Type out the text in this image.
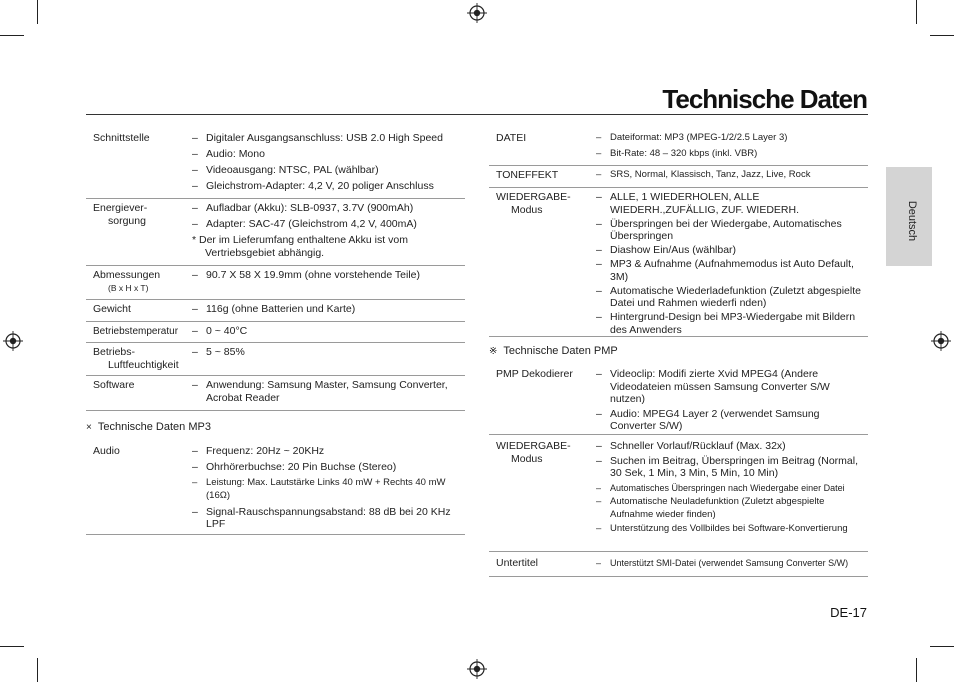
Technische Daten
Deutsch
Schnittstelle	– Digitaler Ausgangsanschluss: USB 2.0 High Speed
– Audio: Mono
– Videoausgang: NTSC, PAL (wählbar)
– Gleichstrom-Adapter: 4,2 V, 20 poliger Anschluss
Energiever-
sorgung
– Aufladbar (Akku): SLB-0937, 3.7V (900mAh)
– Adapter: SAC-47 (Gleichstrom 4,2 V, 400mA)
* Der im Lieferumfang enthaltene Akku ist vom
Vertriebsgebiet abhängig.
Abmessungen
(B x H x T)
– 90.7 X 58 X 19.9mm (ohne vorstehende Teile)
Gewicht	– 116g (ohne Batterien und Karte)
Betriebstemperatur	– 0 ~ 40°C
Betriebs-
Luftfeuchtigkeit
– 5 ~ 85%
Software	– Anwendung: Samsung Master, Samsung Converter, Acrobat Reader
× Technische Daten MP3
Audio	– Frequenz: 20Hz ~ 20KHz
– Ohrhörerbuchse: 20 Pin Buchse (Stereo)
– Leistung: Max. Lautstärke Links 40 mW + Rechts 40 mW (16Ω)
– Signal-Rauschspannungsabstand: 88 dB bei 20 KHz LPF
DATEI	– Dateiformat: MP3 (MPEG-1/2/2.5 Layer 3)
– Bit-Rate: 48 – 320 kbps (inkl. VBR)
TONEFFEKT	– SRS, Normal, Klassisch, Tanz, Jazz, Live, Rock
WIEDERGABE-
Modus
– ALLE, 1 WIEDERHOLEN, ALLE WIEDERH.,ZUFÄLLIG, ZUF. WIEDERH.
– Überspringen bei der Wiedergabe, Automatisches Überspringen
– Diashow Ein/Aus (wählbar)
– MP3 & Aufnahme (Aufnahmemodus ist Auto Default, 3M)
– Automatische Wiederladefunktion (Zuletzt abgespielte Datei und Rahmen wiederfi nden)
– Hintergrund-Design bei MP3-Wiedergabe mit Bildern des Anwenders
※ Technische Daten PMP
PMP Dekodierer	– Videoclip: Modifi zierte Xvid MPEG4 (Andere Videodateien müssen Samsung Converter S/W nutzen)
– Audio: MPEG4 Layer 2 (verwendet Samsung Converter S/W)
WIEDERGABE-
Modus
– Schneller Vorlauf/Rücklauf (Max. 32x)
– Suchen im Beitrag, Überspringen im Beitrag (Normal, 30 Sek, 1 Min, 3 Min, 5 Min, 10 Min)
– Automatisches Überspringen nach Wiedergabe einer Datei
– Automatische Neuladefunktion (Zuletzt abgespielte Aufnahme wieder finden)
– Unterstützung des Vollbildes bei Software-Konvertierung
Untertitel	– Unterstützt SMI-Datei (verwendet Samsung Converter S/W)
DE-17
